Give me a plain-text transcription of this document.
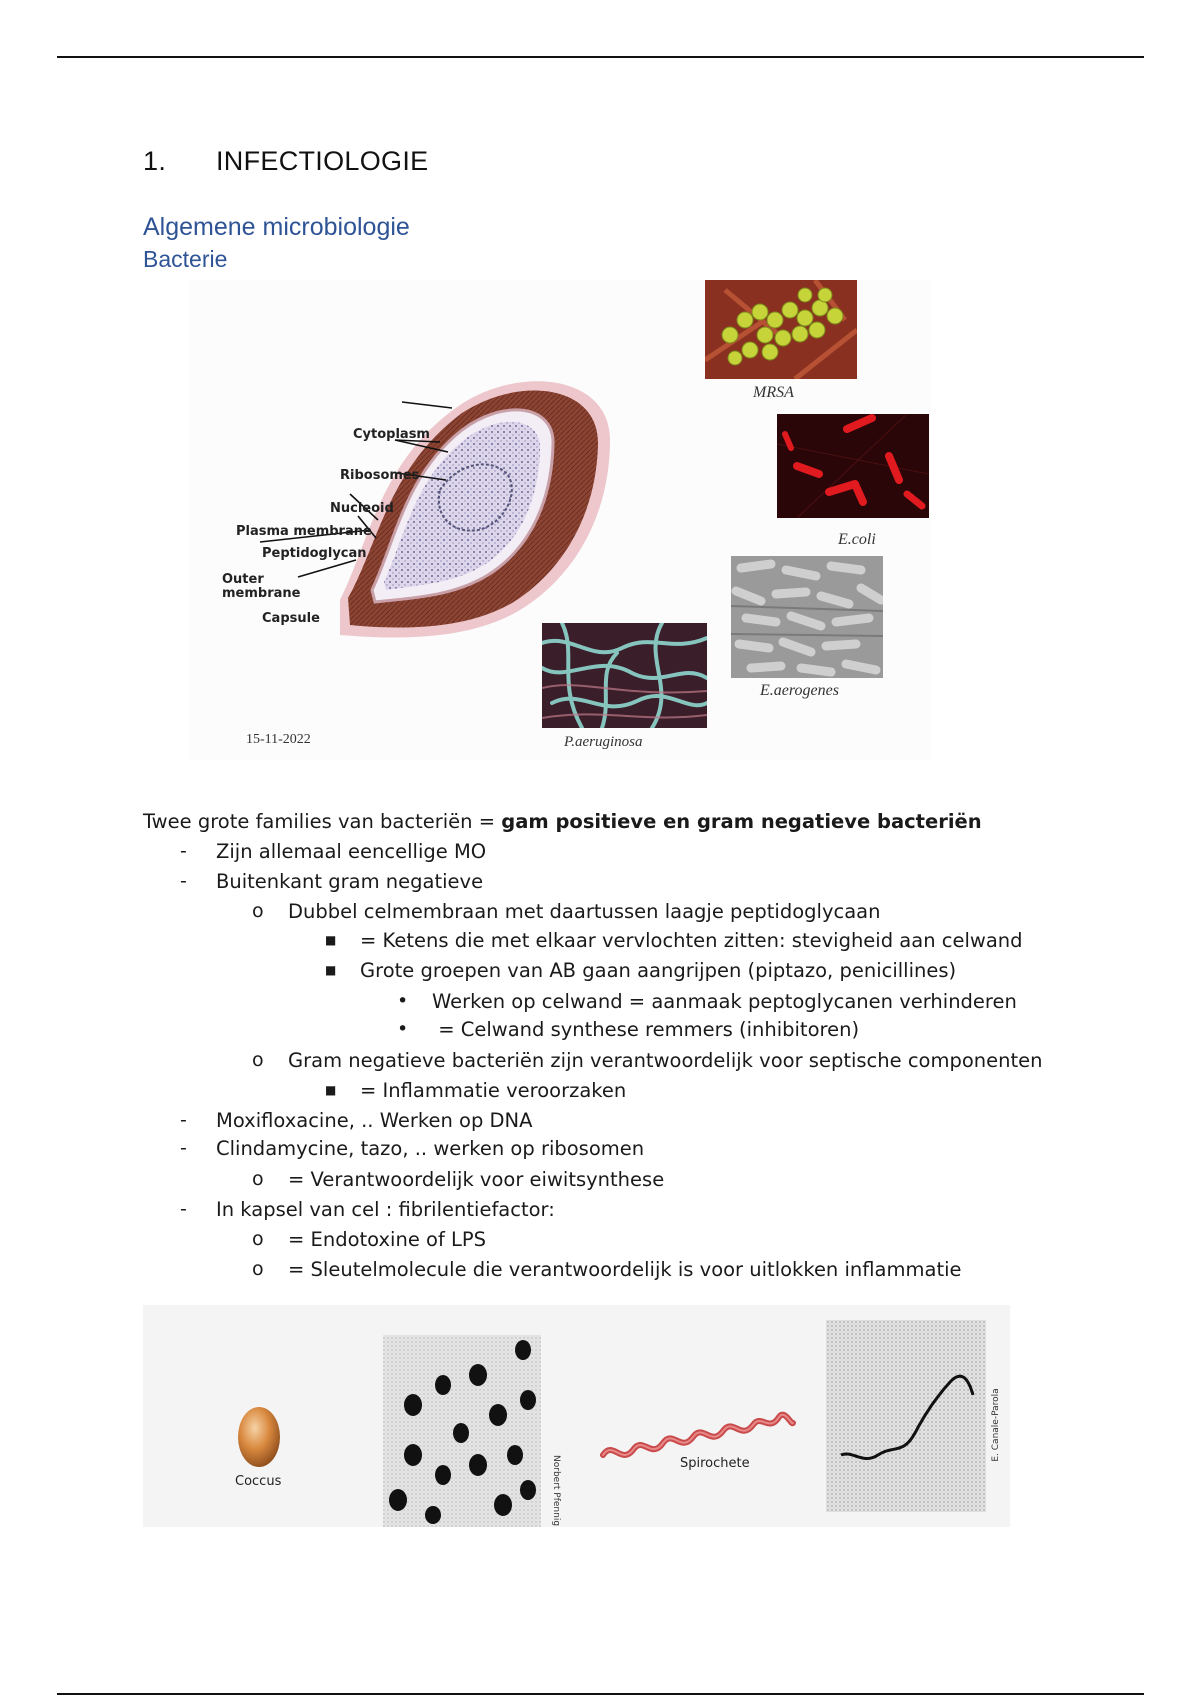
1. INFECTIOLOGIE
Algemene microbiologie
Bacterie
Cytoplasm
Ribosomes
Nucleoid
Plasma membrane
Peptidoglycan
Outer membrane
Capsule
MRSA
E.coli
E.aerogenes
P.aeruginosa
15-11-2022
Twee grote families van bacteriën = gam positieve en gram negatieve bacteriën
- Zijn allemaal eencellige MO
- Buitenkant gram negatieve
o Dubbel celmembraan met daartussen laagje peptidoglycaan
■ = Ketens die met elkaar vervlochten zitten: stevigheid aan celwand
■ Grote groepen van AB gaan aangrijpen (piptazo, penicillines)
• Werken op celwand = aanmaak peptoglycanen verhinderen
• = Celwand synthese remmers (inhibitoren)
o Gram negatieve bacteriën zijn verantwoordelijk voor septische componenten
■ = Inflammatie veroorzaken
- Moxifloxacine, .. Werken op DNA
- Clindamycine, tazo, .. werken op ribosomen
o = Verantwoordelijk voor eiwitsynthese
- In kapsel van cel : fibrilentiefactor:
o = Endotoxine of LPS
o = Sleutelmolecule die verantwoordelijk is voor uitlokken inflammatie
Norbert Pfennig
E. Canale-Parola
Coccus
Spirochete
